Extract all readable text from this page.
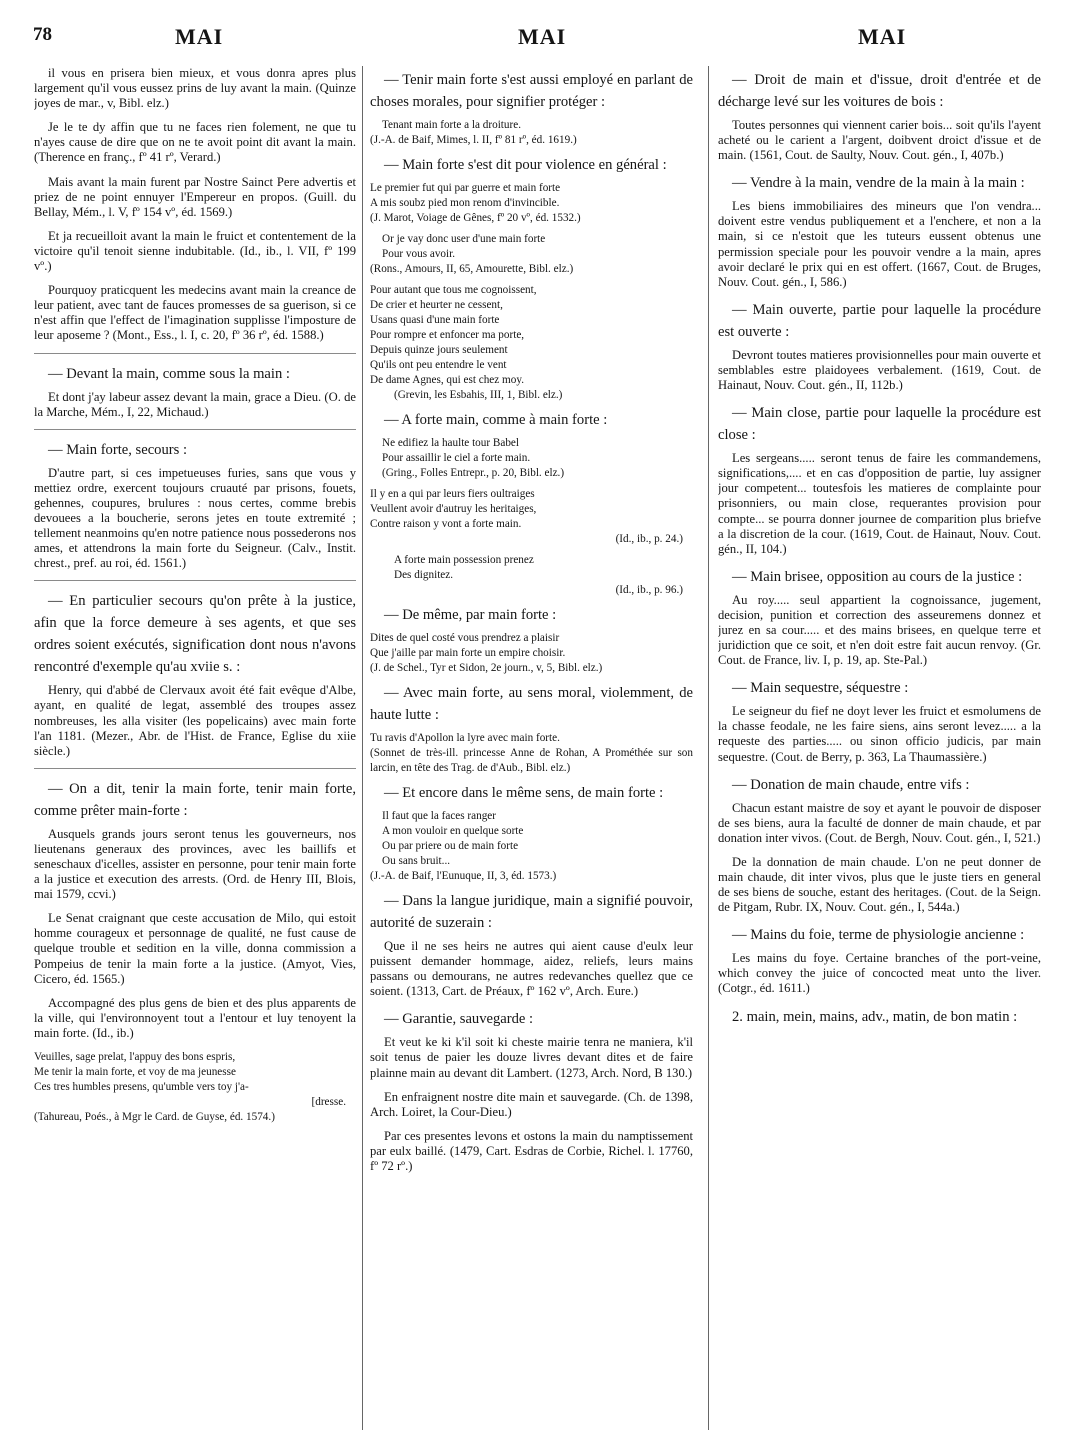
78	MAI	MAI	MAI

il vous en prisera bien mieux, et vous donra apres plus largement qu'il vous eussez prins de luy avant la main. (Quinze joyes de mar., v, Bibl. elz.)

Je le te dy affin que tu ne faces rien folement, ne que tu n'ayes cause de dire que on ne te avoit point dit avant la main. (Therence en franç., fº 41 rº, Verard.)

Mais avant la main furent par Nostre Sainct Pere advertis et priez de ne point ennuyer l'Empereur en propos. (Guill. du Bellay, Mém., l. V, fº 154 vº, éd. 1569.)

Et ja recueilloit avant la main le fruict et contentement de la victoire qu'il tenoit sienne indubitable. (Id., ib., l. VII, fº 199 vº.)

Pourquoy praticquent les medecins avant main la creance de leur patient, avec tant de fauces promesses de sa guerison, si ce n'est affin que l'effect de l'imagination supplisse l'imposture de leur aposeme ? (Mont., Ess., l. I, c. 20, fº 36 rº, éd. 1588.)

— Devant la main, comme sous la main :

Et dont j'ay labeur assez devant la main, grace a Dieu. (O. de la Marche, Mém., I, 22, Michaud.)

— Main forte, secours :

D'autre part, si ces impetueuses furies, sans que vous y mettiez ordre, exercent toujours cruauté par prisons, fouets, gehennes, coupures, brulures : nous certes, comme brebis devouees a la boucherie, serons jetes en toute extremité ; tellement neanmoins qu'en notre patience nous possederons nos ames, et attendrons la main forte du Seigneur. (Calv., Instit. chrest., pref. au roi, éd. 1561.)

— En particulier secours qu'on prête à la justice, afin que la force demeure à ses agents, et que ses ordres soient exécutés, signification dont nous n'avons rencontré d'exemple qu'au xviie s. :

Henry, qui d'abbé de Clervaux avoit été fait evêque d'Albe, ayant, en qualité de legat, assemblé des troupes assez nombreuses, les alla visiter (les popelicains) avec main forte l'an 1181. (Mezer., Abr. de l'Hist. de France, Eglise du xiie siècle.)

— On a dit, tenir la main forte, tenir main forte, comme prêter main-forte :

Ausquels grands jours seront tenus les gouverneurs, nos lieutenans generaux des provinces, avec les baillifs et seneschaux d'icelles, assister en personne, pour tenir main forte a la justice et execution des arrests. (Ord. de Henry III, Blois, mai 1579, ccvi.)

Le Senat craignant que ceste accusation de Milo, qui estoit homme courageux et personnage de qualité, ne fust cause de quelque trouble et sedition en la ville, donna commission a Pompeius de tenir la main forte a la justice. (Amyot, Vies, Cicero, éd. 1565.)

Accompagné des plus gens de bien et des plus apparents de la ville, qui l'environnoyent tout a l'entour et luy tenoyent la main forte. (Id., ib.)

Veuilles, sage prelat, l'appuy des bons espris,
Me tenir la main forte, et voy de ma jeunesse
Ces tres humbles presens, qu'umble vers toy j'a-
[dresse.
(Tahureau, Poés., à Mgr le Card. de Guyse, éd. 1574.)

— Tenir main forte s'est aussi employé en parlant de choses morales, pour signifier protéger :

Tenant main forte a la droiture.
(J.-A. de Baif, Mimes, l. II, fº 81 rº, éd. 1619.)

— Main forte s'est dit pour violence en général :

Le premier fut qui par guerre et main forte
A mis soubz pied mon renom d'invincible.
(J. Marot, Voiage de Gênes, fº 20 vº, éd. 1532.)
Or je vay donc user d'une main forte
Pour vous avoir.
(Rons., Amours, II, 65, Amourette, Bibl. elz.)
Pour autant que tous me cognoissent,
De crier et heurter ne cessent,
Usans quasi d'une main forte
Pour rompre et enfoncer ma porte,
Depuis quinze jours seulement
Qu'ils ont peu entendre le vent
De dame Agnes, qui est chez moy.
(Grevin, les Esbahis, III, 1, Bibl. elz.)

— A forte main, comme à main forte :

Ne edifiez la haulte tour Babel
Pour assaillir le ciel a forte main.
(Gring., Folles Entrepr., p. 20, Bibl. elz.)
Il y en a qui par leurs fiers oultraiges
Veullent avoir d'autruy les heritaiges,
Contre raison y vont a forte main.
(Id., ib., p. 24.)
A forte main possession prenez
Des dignitez.
(Id., ib., p. 96.)

— De même, par main forte :

Dites de quel costé vous prendrez a plaisir
Que j'aille par main forte un empire choisir.
(J. de Schel., Tyr et Sidon, 2e journ., v, 5, Bibl. elz.)

— Avec main forte, au sens moral, violemment, de haute lutte :

Tu ravis d'Apollon la lyre avec main forte.
(Sonnet de très-ill. princesse Anne de Rohan, A Prométhée sur son larcin, en tête des Trag. de d'Aub., Bibl. elz.)

— Et encore dans le même sens, de main forte :

Il faut que la faces ranger
A mon vouloir en quelque sorte
Ou par priere ou de main forte
Ou sans bruit...
(J.-A. de Baif, l'Eunuque, II, 3, éd. 1573.)

— Dans la langue juridique, main a signifié pouvoir, autorité de suzerain :

Que il ne ses heirs ne autres qui aient cause d'eulx leur puissent demander hommage, aidez, reliefs, leurs mains passans ou demourans, ne autres redevanches quellez que ce soient. (1313, Cart. de Préaux, fº 162 vº, Arch. Eure.)

— Garantie, sauvegarde :

Et veut ke ki k'il soit ki cheste mairie tenra ne maniera, k'il soit tenus de paier les douze livres devant dites et de faire plainne main au devant dit Lambert. (1273, Arch. Nord, B 130.)

En enfraignent nostre dite main et sauvegarde. (Ch. de 1398, Arch. Loiret, la Cour-Dieu.)

Par ces presentes levons et ostons la main du namptissement par eulx baillé. (1479, Cart. Esdras de Corbie, Richel. l. 17760, fº 72 rº.)

— Droit de main et d'issue, droit d'entrée et de décharge levé sur les voitures de bois :

Toutes personnes qui viennent carier bois... soit qu'ils l'ayent acheté ou le carient a l'argent, doibvent droict d'issue et de main. (1561, Cout. de Saulty, Nouv. Cout. gén., I, 407b.)

— Vendre à la main, vendre de la main à la main :

Les biens immobiliaires des mineurs que l'on vendra... doivent estre vendus publiquement et a l'enchere, et non a la main, si ce n'estoit que les tuteurs eussent obtenus une permission speciale pour les pouvoir vendre a la main, apres avoir declaré le prix qui en est offert. (1667, Cout. de Bruges, Nouv. Cout. gén., I, 586.)

— Main ouverte, partie pour laquelle la procédure est ouverte :

Devront toutes matieres provisionnelles pour main ouverte et semblables estre plaidoyees verbalement. (1619, Cout. de Hainaut, Nouv. Cout. gén., II, 112b.)

— Main close, partie pour laquelle la procédure est close :

Les sergeans..... seront tenus de faire les commandemens, significations,.... et en cas d'opposition de partie, luy assigner jour competent... toutesfois les matieres de complainte pour prisonniers, ou main close, requerantes provision pour compte... se pourra donner journee de comparition plus briefve a la discretion de la cour. (1619, Cout. de Hainaut, Nouv. Cout. gén., II, 104.)

— Main brisee, opposition au cours de la justice :

Au roy..... seul appartient la cognoissance, jugement, decision, punition et correction des asseuremens donnez et jurez en sa cour..... et des mains brisees, en quelque terre et juridiction que ce soit, et n'en doit estre fait aucun renvoy. (Gr. Cout. de France, liv. I, p. 19, ap. Ste-Pal.)

— Main sequestre, séquestre :

Le seigneur du fief ne doyt lever les fruict et esmolumens de la chasse feodale, ne les faire siens, ains seront levez..... a la requeste des parties..... ou sinon officio judicis, par main sequestre. (Cout. de Berry, p. 363, La Thaumassière.)

— Donation de main chaude, entre vifs :

Chacun estant maistre de soy et ayant le pouvoir de disposer de ses biens, aura la faculté de donner de main chaude, et par donation inter vivos. (Cout. de Bergh, Nouv. Cout. gén., I, 521.)

De la donnation de main chaude. L'on ne peut donner de main chaude, dit inter vivos, plus que le juste tiers en general de ses biens de souche, estant des heritages. (Cout. de la Seign. de Pitgam, Rubr. IX, Nouv. Cout. gén., I, 544a.)

— Mains du foie, terme de physiologie ancienne :

Les mains du foye. Certaine branches of the port-veine, which convey the juice of concocted meat unto the liver. (Cotgr., éd. 1611.)

2. main, mein, mains, adv., matin, de bon matin :
